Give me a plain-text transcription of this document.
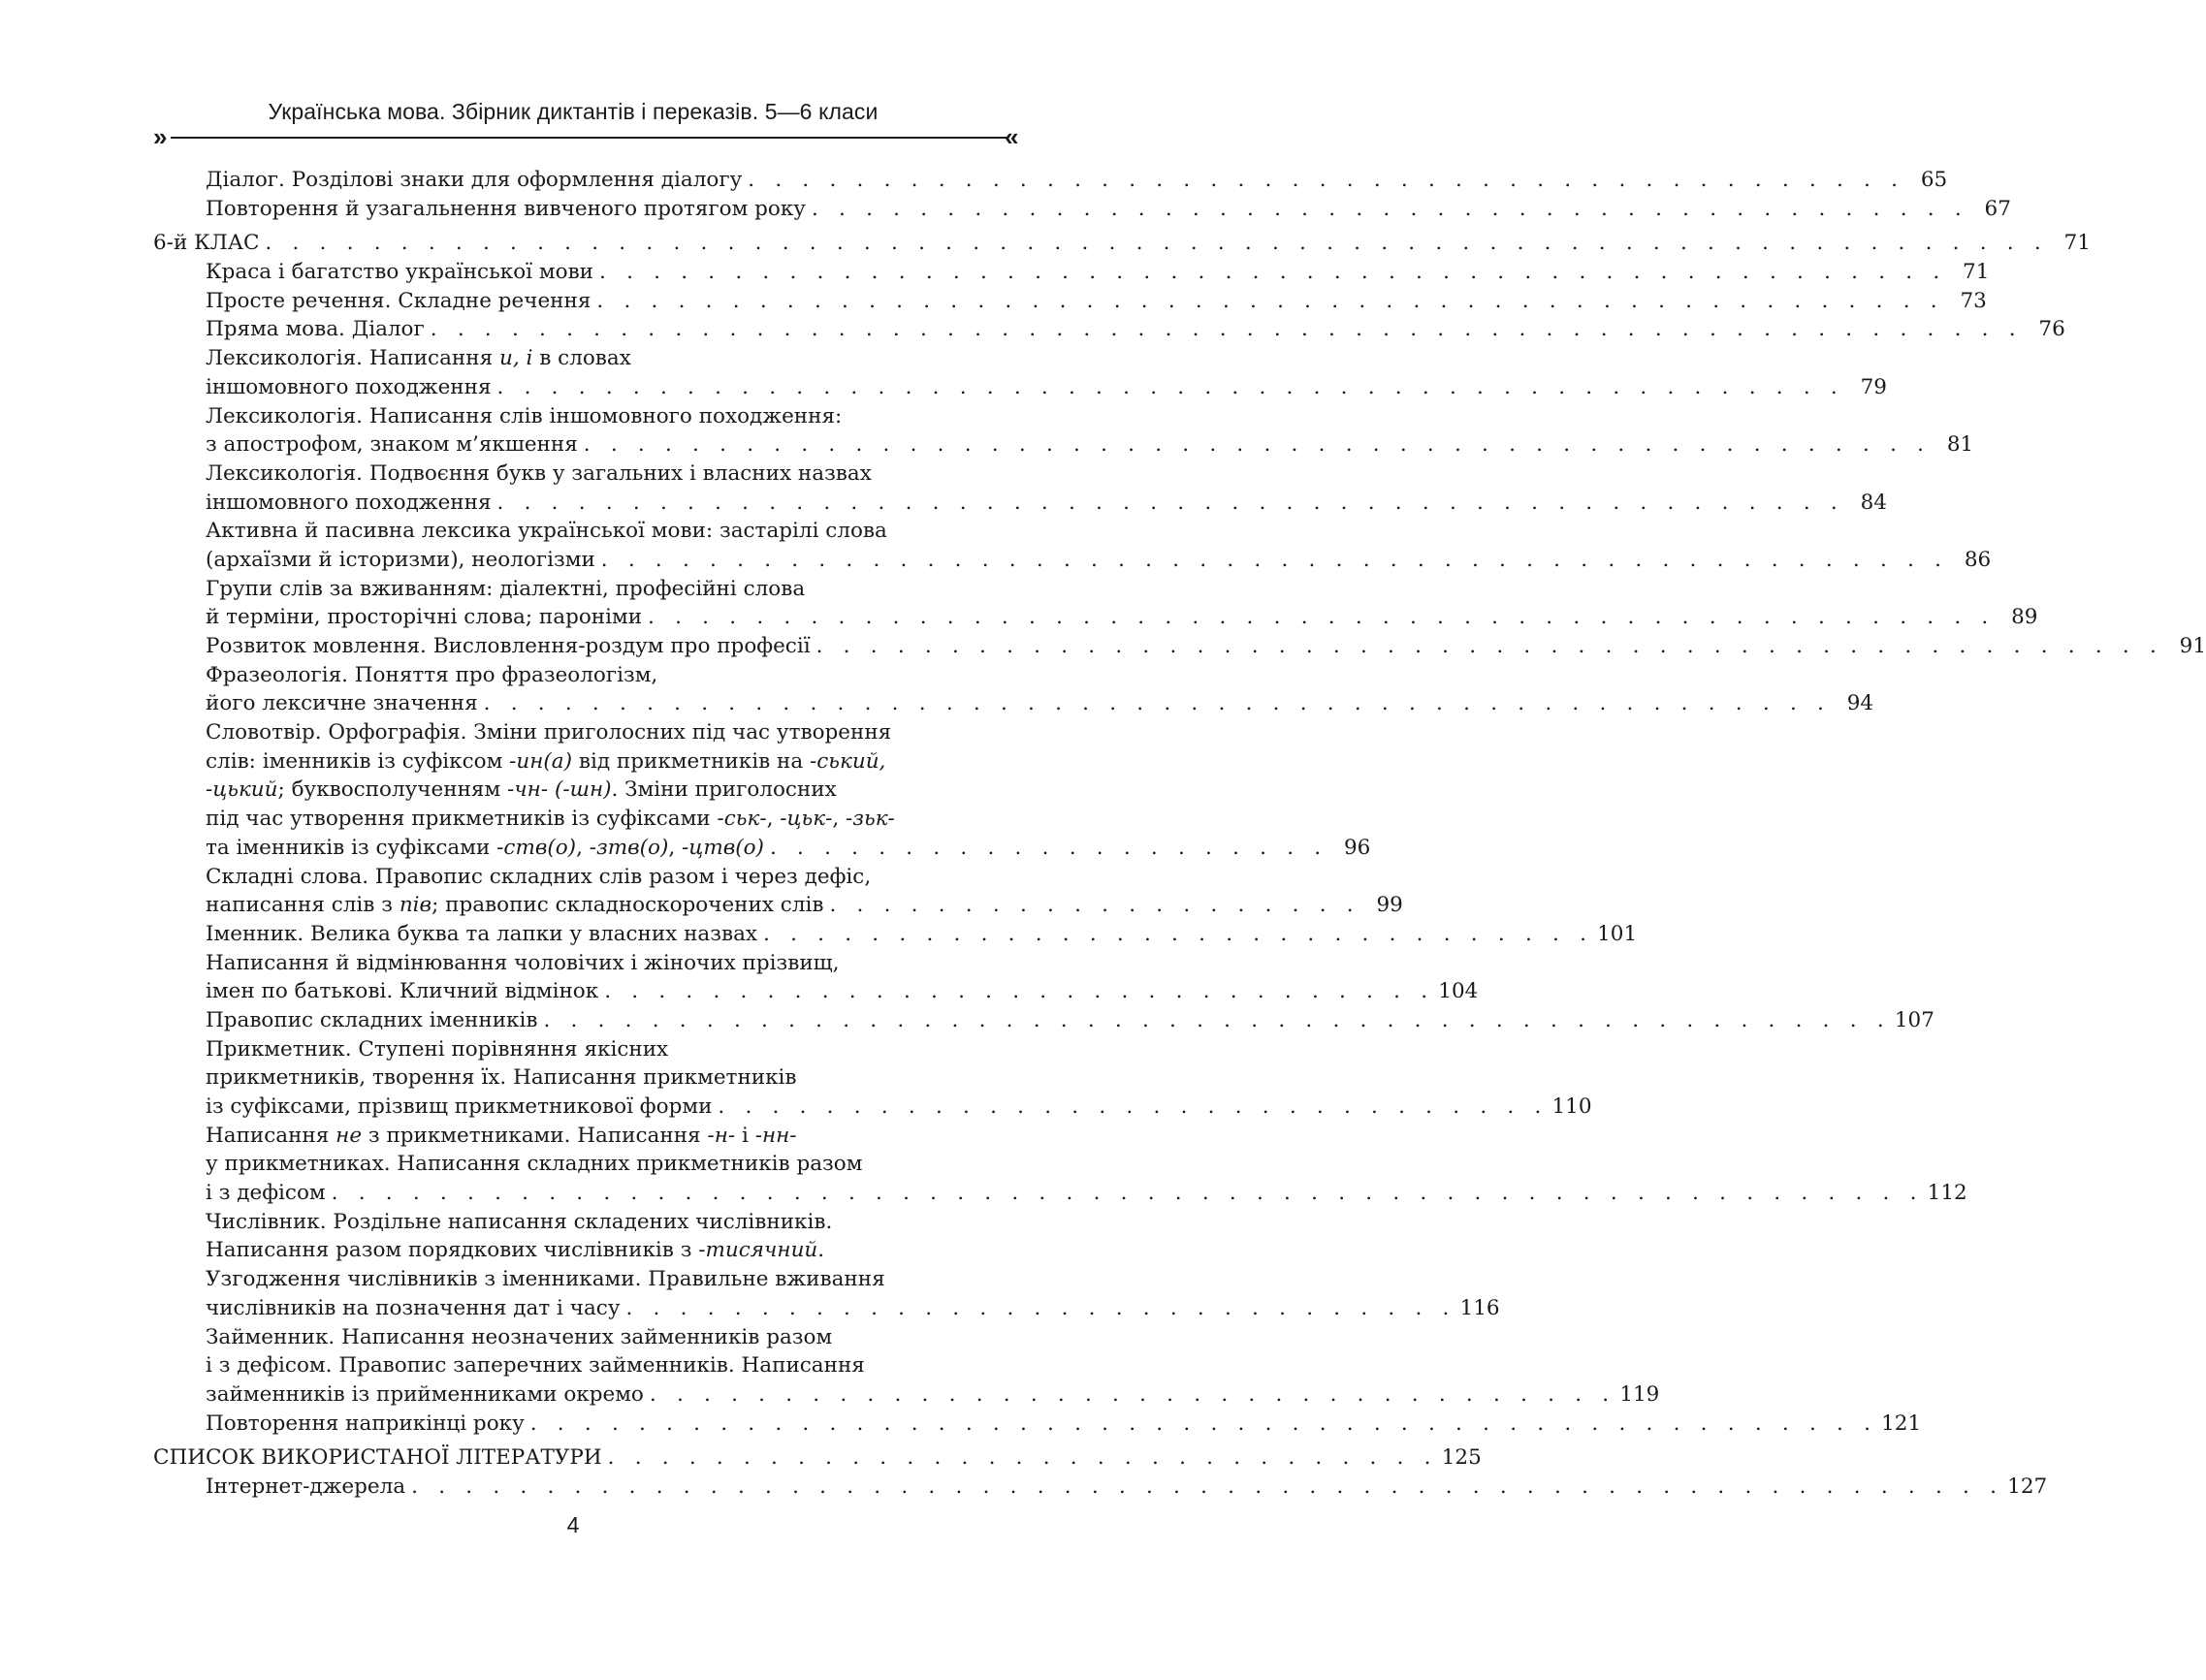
Українська мова. Збірник диктантів і переказів. 5—6 класи
»	«
Діалог. Розділові знаки для оформлення діалогу . . . . . . . . . . . . . . . . . . . . . . . . . . . . . . . . . . . . . . . . . . . 65
Повторення й узагальнення вивченого протягом року . . . . . . . . . . . . . . . . . . . . . . . . . . . . . . . . . . . . . . . . . . . 67
6-й КЛАС . . . . . . . . . . . . . . . . . . . . . . . . . . . . . . . . . . . . . . . . . . . . . . . . . . . . . . . . . . . . . . . . . . 71
Краса і багатство української мови . . . . . . . . . . . . . . . . . . . . . . . . . . . . . . . . . . . . . . . . . . . . . . . . . . 71
Просте речення. Складне речення . . . . . . . . . . . . . . . . . . . . . . . . . . . . . . . . . . . . . . . . . . . . . . . . . . 73
Пряма мова. Діалог . . . . . . . . . . . . . . . . . . . . . . . . . . . . . . . . . . . . . . . . . . . . . . . . . . . . . . . . . . . 76
Лексикологія. Написання и, і в словах
іншомовного походження . . . . . . . . . . . . . . . . . . . . . . . . . . . . . . . . . . . . . . . . . . . . . . . . . . 79
Лексикологія. Написання слів іншомовного походження:
з апострофом, знаком м’якшення . . . . . . . . . . . . . . . . . . . . . . . . . . . . . . . . . . . . . . . . . . . . . . . . . . 81
Лексикологія. Подвоєння букв у загальних і власних назвах
іншомовного походження . . . . . . . . . . . . . . . . . . . . . . . . . . . . . . . . . . . . . . . . . . . . . . . . . . 84
Активна й пасивна лексика української мови: застарілі слова
(архаїзми й історизми), неологізми . . . . . . . . . . . . . . . . . . . . . . . . . . . . . . . . . . . . . . . . . . . . . . . . . . 86
Групи слів за вживанням: діалектні, професійні слова
й терміни, просторічні слова; пароніми . . . . . . . . . . . . . . . . . . . . . . . . . . . . . . . . . . . . . . . . . . . . . . . . . . 89
Розвиток мовлення. Висловлення-роздум про професії . . . . . . . . . . . . . . . . . . . . . . . . . . . . . . . . . . . . . . . . . . . . . . . . . . 91
Фразеологія. Поняття про фразеологізм,
його лексичне значення . . . . . . . . . . . . . . . . . . . . . . . . . . . . . . . . . . . . . . . . . . . . . . . . . . 94
Словотвір. Орфографія. Зміни приголосних під час утворення
слів: іменників із суфіксом -ин(а) від прикметників на -ський,
-цький; буквосполученням -чн- (-шн). Зміни приголосних
під час утворення прикметників із суфіксами -ськ-, -цьк-, -зьк-
та іменників із суфіксами -ств(о), -зтв(о), -цтв(о) . . . . . . . . . . . . . . . . . . . . . 96
Складні слова. Правопис складних слів разом і через дефіс,
написання слів з пів; правопис складноскорочених слів . . . . . . . . . . . . . . . . . . . . 99
Іменник. Велика буква та лапки у власних назвах . . . . . . . . . . . . . . . . . . . . . . . . . . . . . . . 101
Написання й відмінювання чоловічих і жіночих прізвищ,
імен по батькові. Кличний відмінок . . . . . . . . . . . . . . . . . . . . . . . . . . . . . . . 104
Правопис складних іменників . . . . . . . . . . . . . . . . . . . . . . . . . . . . . . . . . . . . . . . . . . . . . . . . . . 107
Прикметник. Ступені порівняння якісних
прикметників, творення їх. Написання прикметників
із суфіксами, прізвищ прикметникової форми . . . . . . . . . . . . . . . . . . . . . . . . . . . . . . . 110
Написання не з прикметниками. Написання -н- і -нн-
у прикметниках. Написання складних прикметників разом
і з дефісом . . . . . . . . . . . . . . . . . . . . . . . . . . . . . . . . . . . . . . . . . . . . . . . . . . . . . . . . . . . 112
Числівник. Роздільне написання складених числівників.
Написання разом порядкових числівників з -тисячний.
Узгодження числівників з іменниками. Правильне вживання
числівників на позначення дат і часу . . . . . . . . . . . . . . . . . . . . . . . . . . . . . . . 116
Займенник. Написання неозначених займенників разом
і з дефісом. Правопис заперечних займенників. Написання
займенників із прийменниками окремо . . . . . . . . . . . . . . . . . . . . . . . . . . . . . . . . . . . . 119
Повторення наприкінці року . . . . . . . . . . . . . . . . . . . . . . . . . . . . . . . . . . . . . . . . . . . . . . . . . . 121
СПИСОК ВИКОРИСТАНОЇ ЛІТЕРАТУРИ . . . . . . . . . . . . . . . . . . . . . . . . . . . . . . . 125
Інтернет-джерела . . . . . . . . . . . . . . . . . . . . . . . . . . . . . . . . . . . . . . . . . . . . . . . . . . . . . . . . . . . 127
4
